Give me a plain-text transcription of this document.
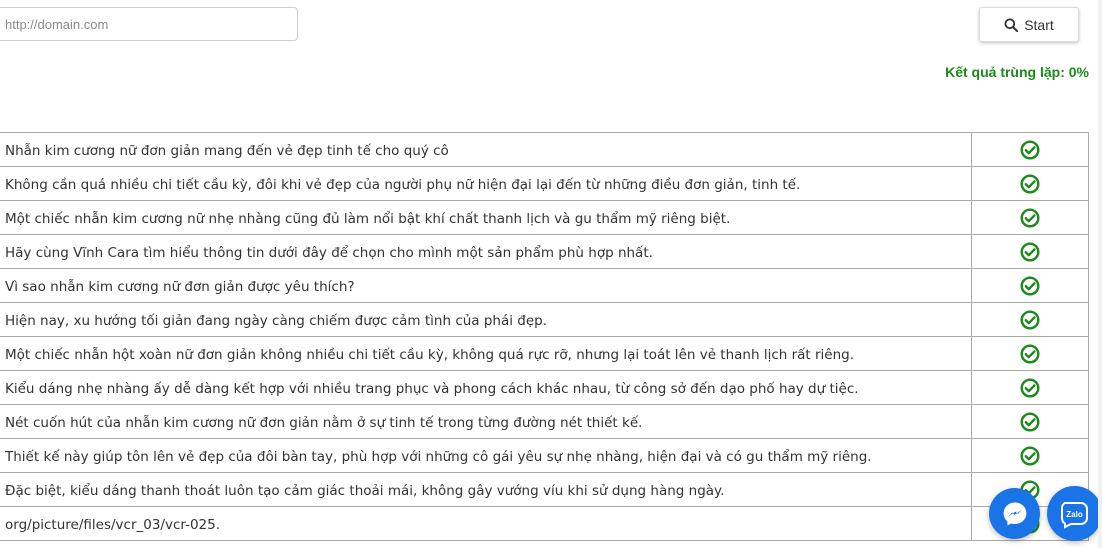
http://domain.com
Start
Kết quả trùng lặp: 0%
Nhẫn kim cương nữ đơn giản mang đến vẻ đẹp tinh tế cho quý cô	
Không cần quá nhiều chi tiết cầu kỳ, đôi khi vẻ đẹp của người phụ nữ hiện đại lại đến từ những điều đơn giản, tinh tế.	
Một chiếc nhẫn kim cương nữ nhẹ nhàng cũng đủ làm nổi bật khí chất thanh lịch và gu thẩm mỹ riêng biệt.	
Hãy cùng Vĩnh Cara tìm hiểu thông tin dưới đây để chọn cho mình một sản phẩm phù hợp nhất.	
Vì sao nhẫn kim cương nữ đơn giản được yêu thích?	
Hiện nay, xu hướng tối giản đang ngày càng chiếm được cảm tình của phái đẹp.	
Một chiếc nhẫn hột xoàn nữ đơn giản không nhiều chi tiết cầu kỳ, không quá rực rỡ, nhưng lại toát lên vẻ thanh lịch rất riêng.	
Kiểu dáng nhẹ nhàng ấy dễ dàng kết hợp với nhiều trang phục và phong cách khác nhau, từ công sở đến dạo phố hay dự tiệc.	
Nét cuốn hút của nhẫn kim cương nữ đơn giản nằm ở sự tinh tế trong từng đường nét thiết kế.	
Thiết kế này giúp tôn lên vẻ đẹp của đôi bàn tay, phù hợp với những cô gái yêu sự nhẹ nhàng, hiện đại và có gu thẩm mỹ riêng.	
Đặc biệt, kiểu dáng thanh thoát luôn tạo cảm giác thoải mái, không gây vướng víu khi sử dụng hàng ngày.	
org/picture/files/vcr_03/vcr-025.	
Zalo
